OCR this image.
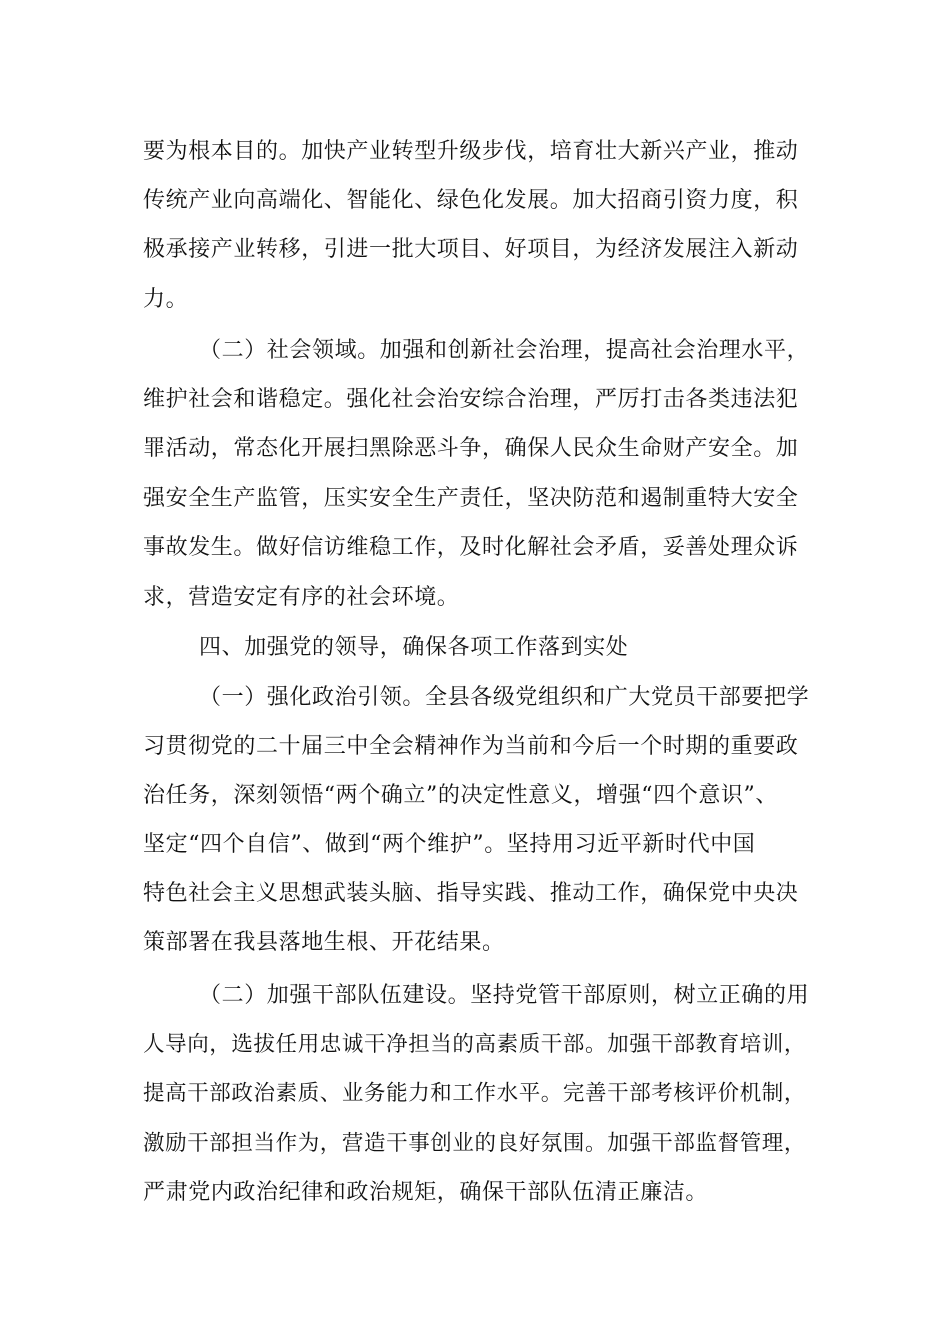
要为根本目的。加快产业转型升级步伐，培育壮大新兴产业，推动
传统产业向高端化、智能化、绿色化发展。加大招商引资力度，积
极承接产业转移，引进一批大项目、好项目，为经济发展注入新动
力。
（二）社会领域。加强和创新社会治理，提高社会治理水平，
维护社会和谐稳定。强化社会治安综合治理，严厉打击各类违法犯
罪活动，常态化开展扫黑除恶斗争，确保人民众生命财产安全。加
强安全生产监管，压实安全生产责任，坚决防范和遏制重特大安全
事故发生。做好信访维稳工作，及时化解社会矛盾，妥善处理众诉
求，营造安定有序的社会环境。
四、加强党的领导，确保各项工作落到实处
（一）强化政治引领。全县各级党组织和广大党员干部要把学
习贯彻党的二十届三中全会精神作为当前和今后一个时期的重要政
治任务，深刻领悟“两个确立”的决定性意义，增强“四个意识”、
坚定“四个自信”、做到“两个维护”。坚持用习近平新时代中国
特色社会主义思想武装头脑、指导实践、推动工作，确保党中央决
策部署在我县落地生根、开花结果。
（二）加强干部队伍建设。坚持党管干部原则，树立正确的用
人导向，选拔任用忠诚干净担当的高素质干部。加强干部教育培训，
提高干部政治素质、业务能力和工作水平。完善干部考核评价机制，
激励干部担当作为，营造干事创业的良好氛围。加强干部监督管理，
严肃党内政治纪律和政治规矩，确保干部队伍清正廉洁。
